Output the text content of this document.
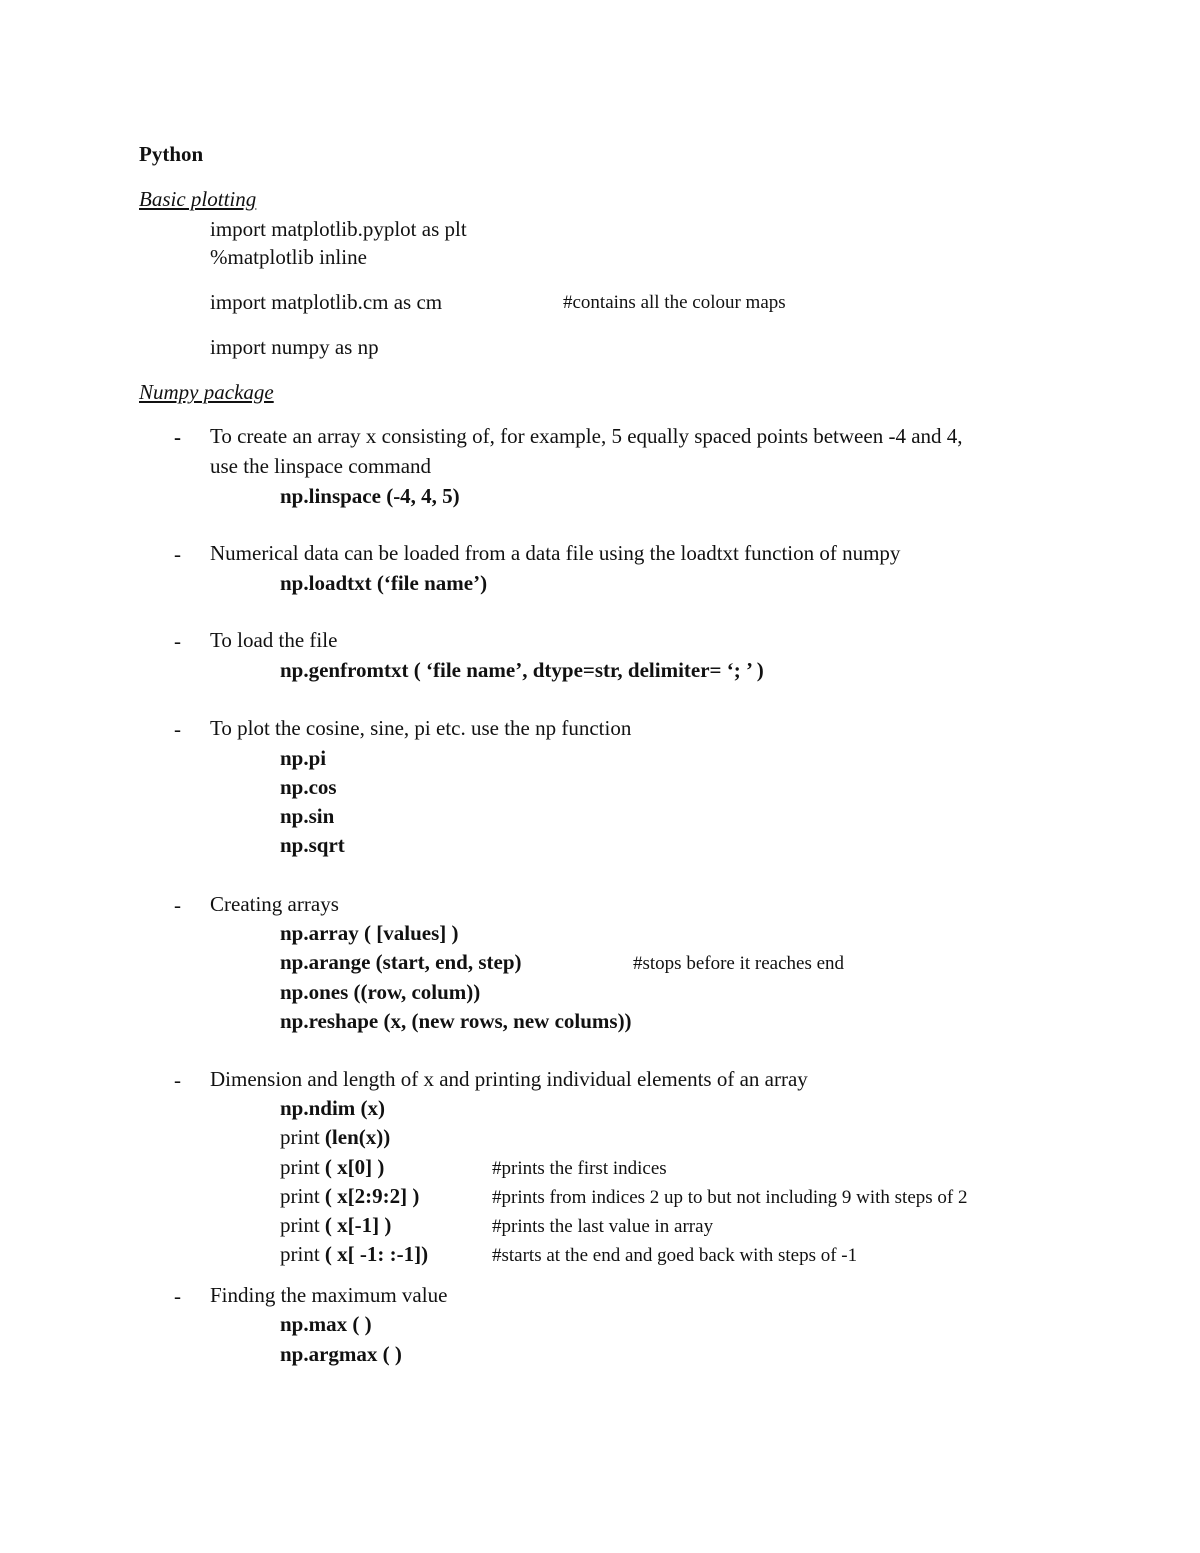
Python
Basic plotting
import matplotlib.pyplot as plt
%matplotlib inline
import matplotlib.cm as cm	#contains all the colour maps
import numpy as np
Numpy package
- To create an array x consisting of, for example, 5 equally spaced points between -4 and 4,
use the linspace command
np.linspace (-4, 4, 5)
- Numerical data can be loaded from a data file using the loadtxt function of numpy
np.loadtxt (‘file name’)
- To load the file
np.genfromtxt ( ‘file name’, dtype=str, delimiter= ‘; ’ )
- To plot the cosine, sine, pi etc. use the np function
np.pi
np.cos
np.sin
np.sqrt
- Creating arrays
np.array ( [values] )
np.arange (start, end, step)	#stops before it reaches end
np.ones ((row, colum))
np.reshape (x, (new rows, new colums))
- Dimension and length of x and printing individual elements of an array
np.ndim (x)
print (len(x))
print ( x[0] )	#prints the first indices
print ( x[2:9:2] )	#prints from indices 2 up to but not including 9 with steps of 2
print ( x[-1] )	#prints the last value in array
print ( x[ -1: :-1])	#starts at the end and goed back with steps of -1
- Finding the maximum value
np.max ( )
np.argmax ( )
